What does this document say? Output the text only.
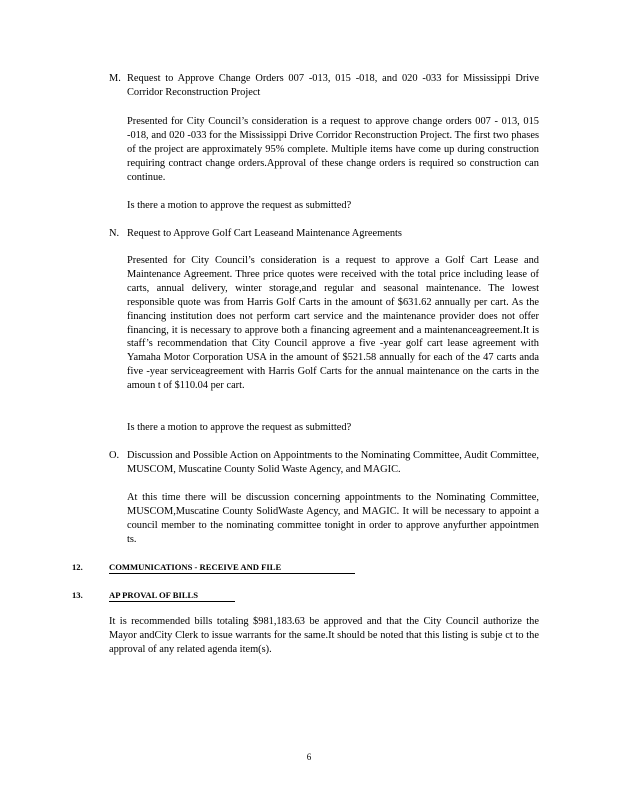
M. Request to Approve Change Orders 007 -013, 015 -018, and 020 -033 for Mississippi Drive Corridor Reconstruction Project
Presented for City Council’s consideration is a request to approve change orders 007 - 013, 015 -018, and 020 -033 for the Mississippi Drive Corridor Reconstruction Project. The first two phases of the project are approximately 95% complete. Multiple items have come up during construction requiring contract change orders.Approval of these change orders is required so construction can continue.
Is there a motion to approve the request as submitted?
N. Request to Approve Golf Cart Leaseand Maintenance Agreements
Presented for City Council’s consideration is a request to approve a Golf Cart Lease and Maintenance Agreement. Three price quotes were received with the total price including lease of carts, annual delivery, winter storage,and regular and seasonal maintenance. The lowest responsible quote was from Harris Golf Carts in the amount of $631.62 annually per cart. As the financing institution does not perform cart service and the maintenance provider does not offer financing, it is necessary to approve both a financing agreement and a maintenanceagreement.It is staff’s recommendation that City Council approve a five -year golf cart lease agreement with Yamaha Motor Corporation USA in the amount of $521.58 annually for each of the 47 carts anda five -year serviceagreement with Harris Golf Carts for the annual maintenance on the carts in the amoun t of $110.04 per cart.
Is there a motion to approve the request as submitted?
O. Discussion and Possible Action on Appointments to the Nominating Committee, Audit Committee, MUSCOM, Muscatine County Solid Waste Agency, and MAGIC.
At this time there will be discussion concerning appointments to the Nominating Committee, MUSCOM,Muscatine County SolidWaste Agency, and MAGIC. It will be necessary to appoint a council member to the nominating committee tonight in order to approve anyfurther appointmen ts.
12.	COMMUNICATIONS - RECEIVE AND FILE
13.	AP PROVAL OF BILLS
It is recommended bills totaling $981,183.63 be approved and that the City Council authorize the Mayor andCity Clerk to issue warrants for the same.It should be noted that this listing is subje ct to the approval of any related agenda item(s).
6
